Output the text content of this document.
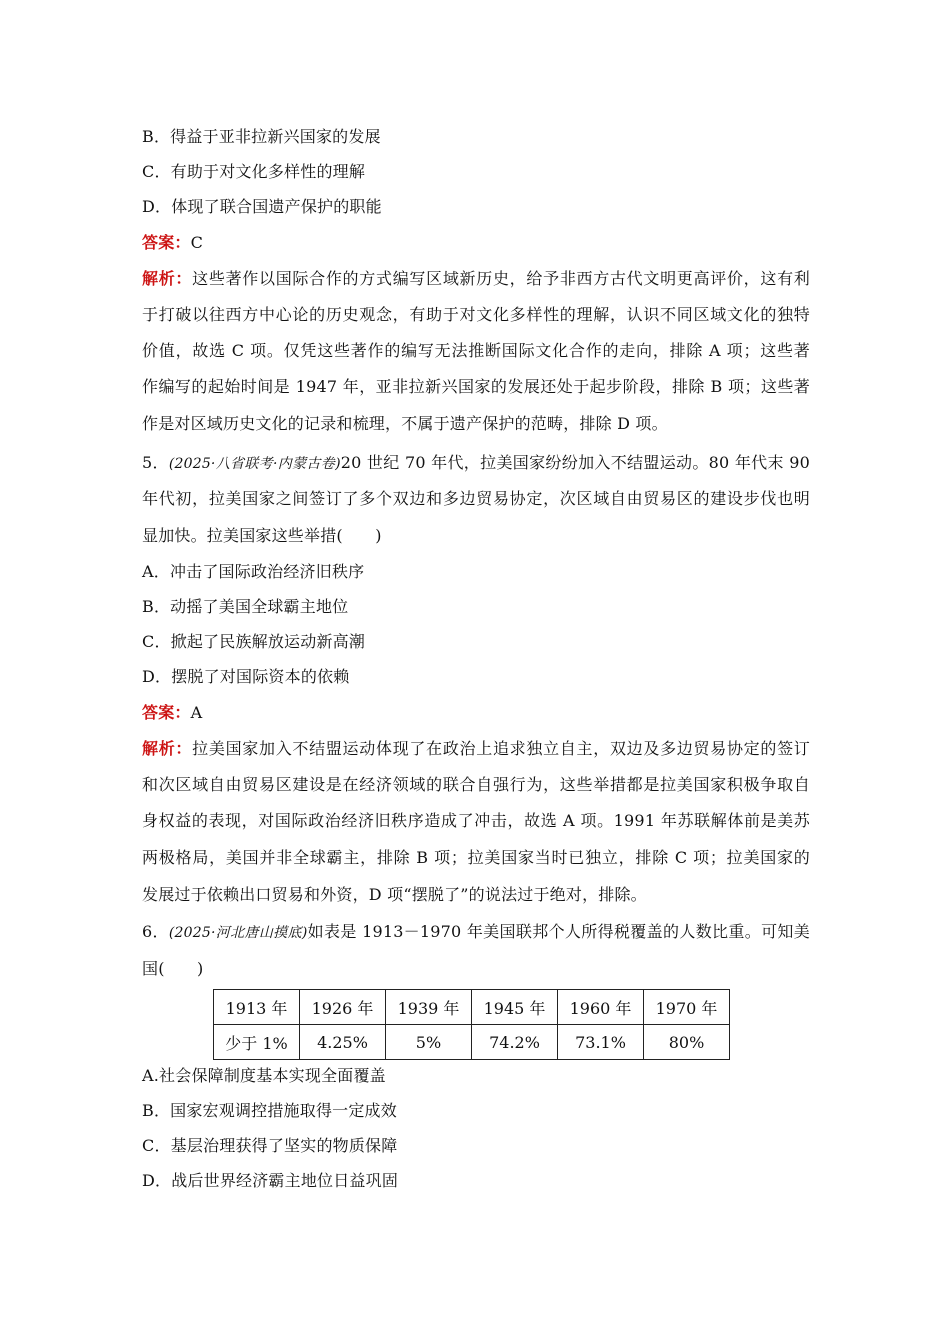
B．得益于亚非拉新兴国家的发展
C．有助于对文化多样性的理解
D．体现了联合国遗产保护的职能
答案：C
解析：这些著作以国际合作的方式编写区域新历史，给予非西方古代文明更高评价，这有利
于打破以往西方中心论的历史观念，有助于对文化多样性的理解，认识不同区域文化的独特
价值，故选 C 项。仅凭这些著作的编写无法推断国际文化合作的走向，排除 A 项；这些著
作编写的起始时间是 1947 年，亚非拉新兴国家的发展还处于起步阶段，排除 B 项；这些著
作是对区域历史文化的记录和梳理，不属于遗产保护的范畴，排除 D 项。
5．(2025·八省联考·内蒙古卷)20 世纪 70 年代，拉美国家纷纷加入不结盟运动。80 年代末 90
年代初，拉美国家之间签订了多个双边和多边贸易协定，次区域自由贸易区的建设步伐也明
显加快。拉美国家这些举措(　　)
A．冲击了国际政治经济旧秩序
B．动摇了美国全球霸主地位
C．掀起了民族解放运动新高潮
D．摆脱了对国际资本的依赖
答案：A
解析：拉美国家加入不结盟运动体现了在政治上追求独立自主，双边及多边贸易协定的签订
和次区域自由贸易区建设是在经济领域的联合自强行为，这些举措都是拉美国家积极争取自
身权益的表现，对国际政治经济旧秩序造成了冲击，故选 A 项。1991 年苏联解体前是美苏
两极格局，美国并非全球霸主，排除 B 项；拉美国家当时已独立，排除 C 项；拉美国家的
发展过于依赖出口贸易和外资，D 项“摆脱了”的说法过于绝对，排除。
6．(2025·河北唐山摸底)如表是 1913－1970 年美国联邦个人所得税覆盖的人数比重。可知美
国(　　)
1913 年	1926 年	1939 年	1945 年	1960 年	1970 年
少于 1%	4.25%	5%	74.2%	73.1%	80%
A.社会保障制度基本实现全面覆盖
B．国家宏观调控措施取得一定成效
C．基层治理获得了坚实的物质保障
D．战后世界经济霸主地位日益巩固
